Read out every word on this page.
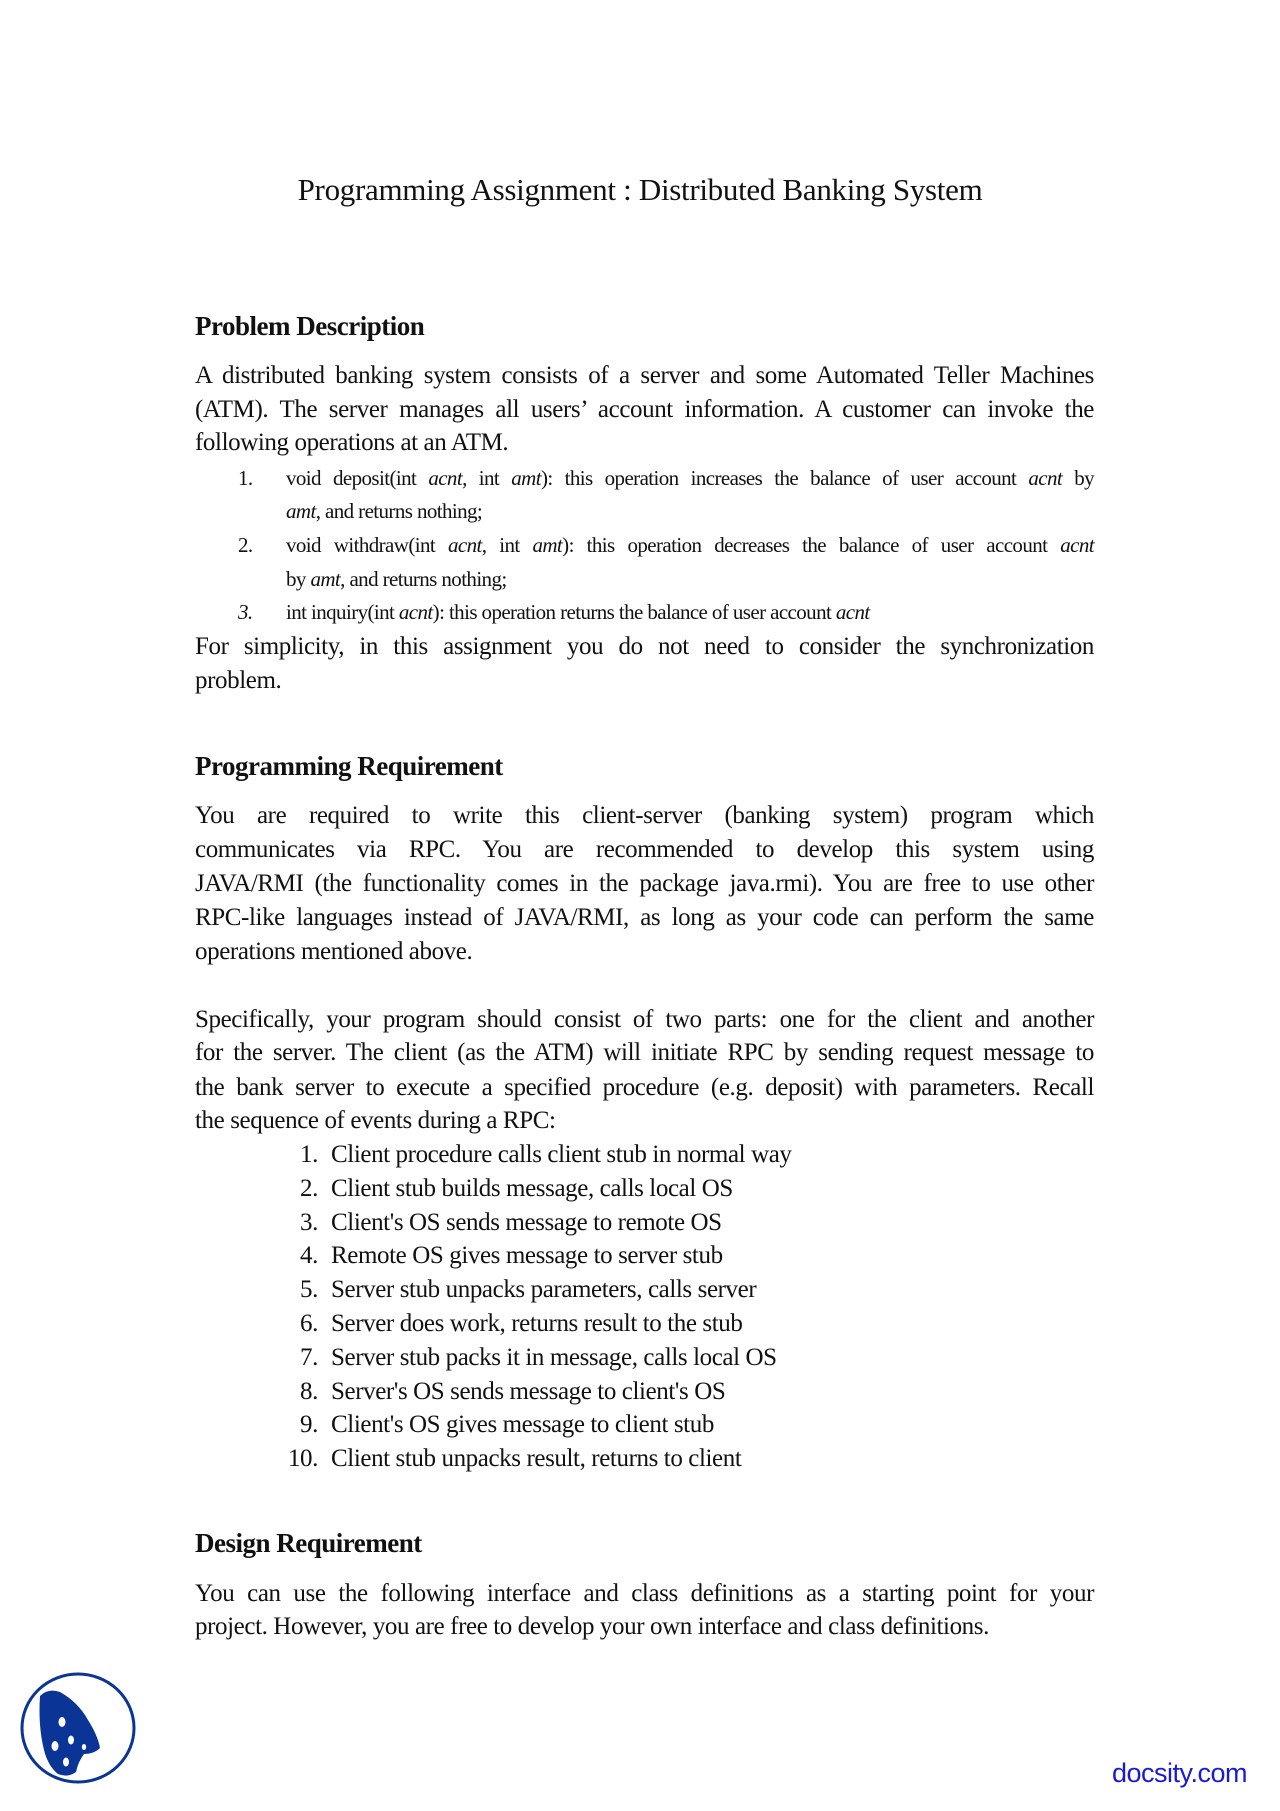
Programming Assignment : Distributed Banking System
Problem Description
Programming Requirement
Design Requirement
A distributed banking system consists of a server and some Automated Teller Machines
(ATM). The server manages all users’ account information. A customer can invoke the
following operations at an ATM.
1. void deposit(int acnt, int amt): this operation increases the balance of user account acnt by
amt, and returns nothing;
2. void withdraw(int acnt, int amt): this operation decreases the balance of user account acnt
by amt, and returns nothing;
3. int inquiry(int acnt): this operation returns the balance of user account acnt
For simplicity, in this assignment you do not need to consider the synchronization
problem.
You are required to write this client-server (banking system) program which
communicates via RPC. You are recommended to develop this system using
JAVA/RMI (the functionality comes in the package java.rmi). You are free to use other
RPC-like languages instead of JAVA/RMI, as long as your code can perform the same
operations mentioned above.
Specifically, your program should consist of two parts: one for the client and another
for the server. The client (as the ATM) will initiate RPC by sending request message to
the bank server to execute a specified procedure (e.g. deposit) with parameters. Recall
the sequence of events during a RPC:
1. Client procedure calls client stub in normal way
2. Client stub builds message, calls local OS
3. Client's OS sends message to remote OS
4. Remote OS gives message to server stub
5. Server stub unpacks parameters, calls server
6. Server does work, returns result to the stub
7. Server stub packs it in message, calls local OS
8. Server's OS sends message to client's OS
9. Client's OS gives message to client stub
10. Client stub unpacks result, returns to client
You can use the following interface and class definitions as a starting point for your
project. However, you are free to develop your own interface and class definitions.
docsity.com
